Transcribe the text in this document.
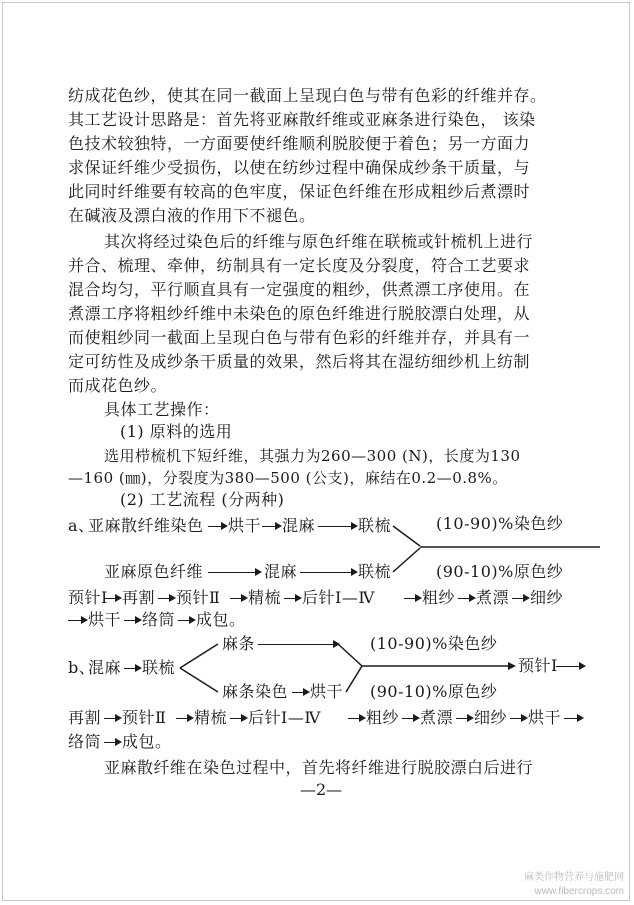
纺成花色纱，使其在同一截面上呈现白色与带有色彩的纤维并存。
其工艺设计思路是：首先将亚麻散纤维或亚麻条进行染色， 该染
色技术较独特，一方面要使纤维顺利脱胶便于着色；另一方面力
求保证纤维少受损伤，以使在纺纱过程中确保成纱条干质量，与
此同时纤维要有较高的色牢度，保证色纤维在形成粗纱后煮漂时
在碱液及漂白液的作用下不褪色。
其次将经过染色后的纤维与原色纤维在联梳或针梳机上进行
并合、梳理、牵伸，纺制具有一定长度及分裂度，符合工艺要求
混合均匀，平行顺直具有一定强度的粗纱，供煮漂工序使用。在
煮漂工序将粗纱纤维中未染色的原色纤维进行脱胶漂白处理，从
而使粗纱同一截面上呈现白色与带有色彩的纤维并存，并具有一
定可纺性及成纱条干质量的效果，然后将其在湿纺细纱机上纺制
而成花色纱。
具体工艺操作：
(1) 原料的选用
选用栉梳机下短纤维，其强力为260—300 (N)，长度为130
—160 (㎜)，分裂度为380—500 (公支)，麻结在0.2—0.8%。
(2) 工艺流程 (分两种)
a、
亚麻散纤维染色 烘干 混麻	联梳	(10-90)%染色纱
亚麻原色纤维	混麻	联梳	(90-10)%原色纱
预针Ⅰ 再割 预针Ⅱ 精梳 后针Ⅰ—Ⅳ	粗纱 煮漂 细纱
烘干 络筒 成包。
(10-90)%染色纱
麻条
b、
混麻 联梳
麻条染色 烘干 (90-10)%原色纱
预针Ⅰ
再割 预针Ⅱ 精梳 后针Ⅰ—Ⅳ	粗纱 煮漂 细纱 烘干
络筒 成包。
亚麻散纤维在染色过程中，首先将纤维进行脱胶漂白后进行
—2—
麻类作物营养与施肥网
www.fibercrops.com
